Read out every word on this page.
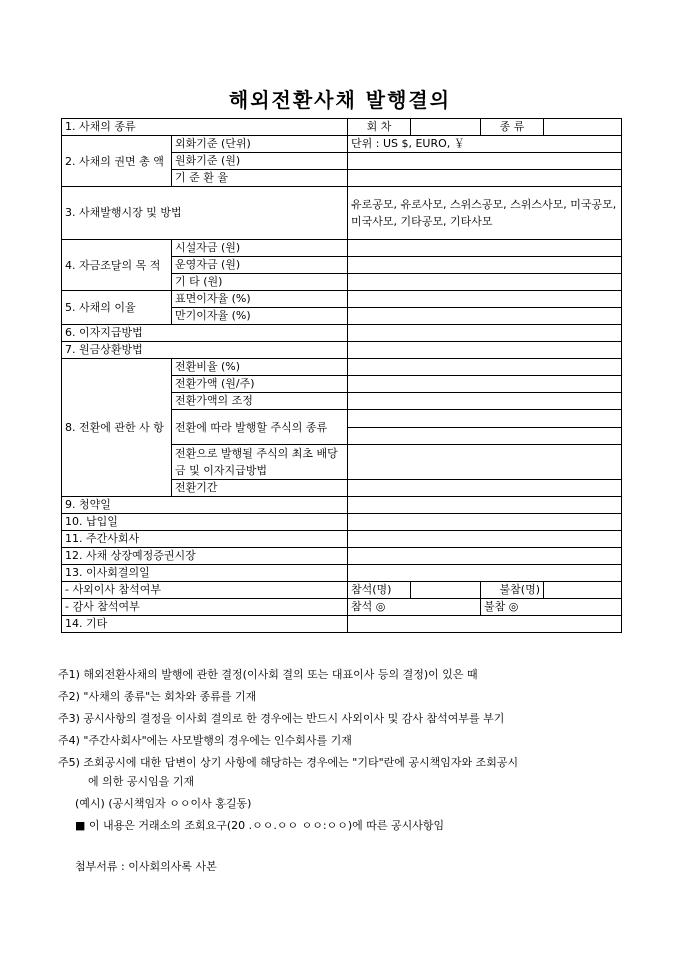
해외전환사채 발행결의
1. 사채의 종류		회 차		종 류	
2. 사채의 권면 총 액	외화기준 (단위)	단위 : US $, EURO, ￥			
	원화기준 (원)				
	기 준 환 율				
3. 사채발행시장 및 방법		유로공모, 유로사모, 스위스공모, 스위스사모, 미국공모, 미국사모, 기타공모, 기타사모			
4. 자금조달의 목 적	시설자금 (원)				
	운영자금 (원)				
	기 타 (원)				
5. 사채의 이율	표면이자율 (%)				
	만기이자율 (%)				
6. 이자지급방법					
7. 원금상환방법					
8. 전환에 관한 사 항	전환비율 (%)				
	전환가액 (원/주)				
	전환가액의 조정				
	전환에 따라 발행할 주식의 종류				

	전환으로 발행될 주식의 최초 배당금 및 이자지급방법				
	전환기간				
9. 청약일					
10. 납입일					
11. 주간사회사					
12. 사채 상장예정증권시장					
13. 이사회결의일					
- 사외이사 참석여부		참석(명)		불참(명)	
- 감사 참석여부		참석 ◎		불참 ◎	
14. 기타					
주1) 해외전환사채의 발행에 관한 결정(이사회 결의 또는 대표이사 등의 결정)이 있은 때
주2) "사채의 종류"는 회차와 종류를 기재
주3) 공시사항의 결정을 이사회 결의로 한 경우에는 반드시 사외이사 및 감사 참석여부를 부기
주4) "주간사회사"에는 사모발행의 경우에는 인수회사를 기재
주5) 조회공시에 대한 답변이 상기 사항에 해당하는 경우에는 "기타"란에 공시책임자와 조회공시
에 의한 공시임을 기재
(예시) (공시책임자 ㅇㅇ이사 홍길동)
■ 이 내용은 거래소의 조회요구(20 .ㅇㅇ.ㅇㅇ ㅇㅇ:ㅇㅇ)에 따른 공시사항임
첨부서류 : 이사회의사록 사본
